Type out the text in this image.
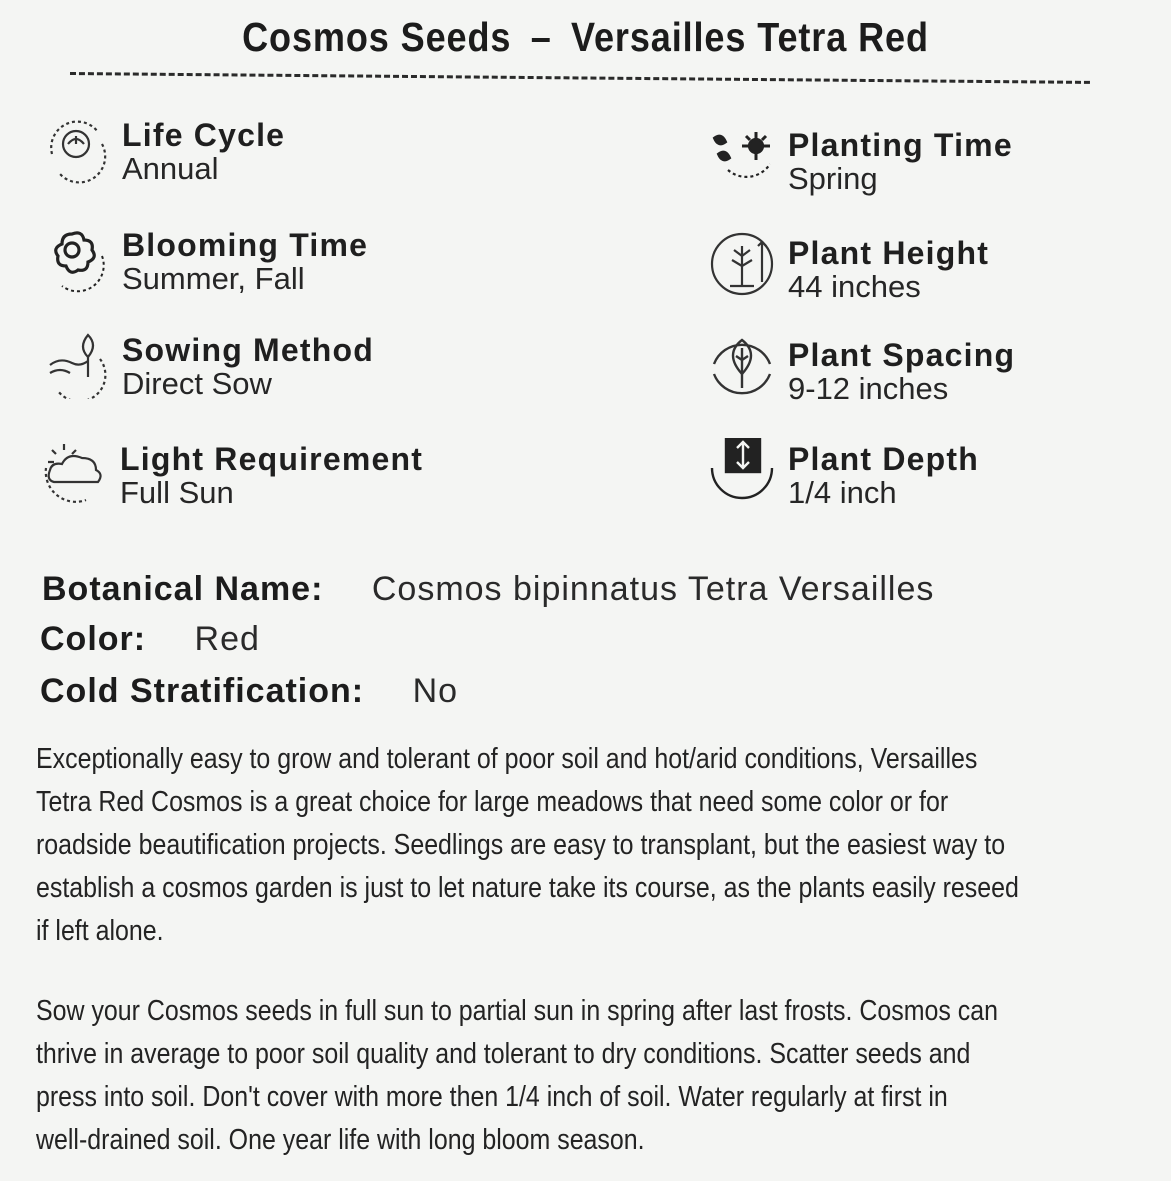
Cosmos Seeds – Versailles Tetra Red
Life Cycle
Annual
Blooming Time
Summer, Fall
Sowing Method
Direct Sow
Light Requirement
Full Sun
Planting Time
Spring
Plant Height
44 inches
Plant Spacing
9-12 inches
Plant Depth
1/4 inch
Botanical Name: Cosmos bipinnatus Tetra Versailles
Color: Red
Cold Stratification: No
Exceptionally easy to grow and tolerant of poor soil and hot/arid conditions, Versailles
Tetra Red Cosmos is a great choice for large meadows that need some color or for
roadside beautification projects. Seedlings are easy to transplant, but the easiest way to
establish a cosmos garden is just to let nature take its course, as the plants easily reseed
if left alone.
Sow your Cosmos seeds in full sun to partial sun in spring after last frosts. Cosmos can
thrive in average to poor soil quality and tolerant to dry conditions. Scatter seeds and
press into soil. Don't cover with more then 1/4 inch of soil. Water regularly at first in
well-drained soil. One year life with long bloom season.
